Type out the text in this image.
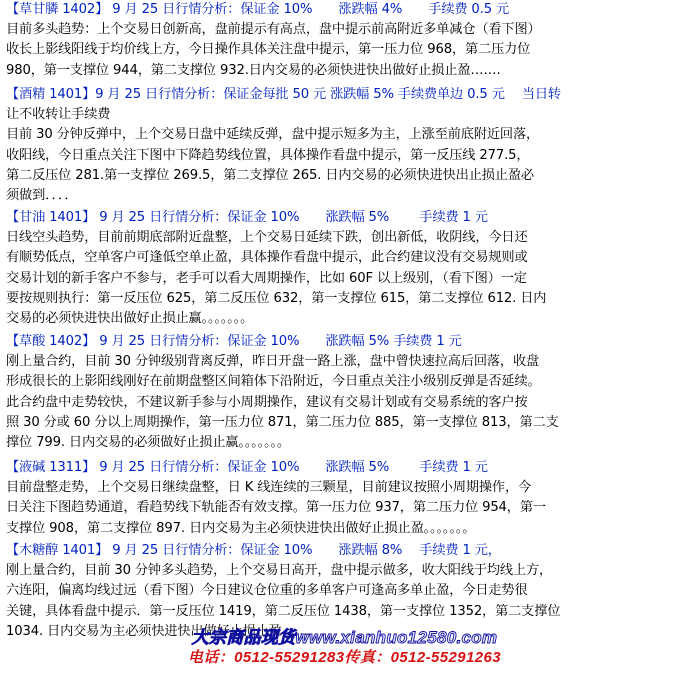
【草甘膦 1402】 9 月 25 日行情分析：保证金 10%　　涨跌幅 4%　　手续费 0.5 元
目前多头趋势：上个交易日创新高，盘前提示有高点，盘中提示前高附近多单减仓（看下图）
收长上影线阳线于均价线上方，今日操作具体关注盘中提示，第一压力位 968，第二压力位
980，第一支撑位 944，第二支撑位 932.日内交易的必须快进快出做好止损止盈…….
【酒精 1401】9 月 25 日行情分析：保证金每批 50 元 涨跌幅 5% 手续费单边 0.5 元　 当日转
让不收转让手续费
目前 30 分钟反弹中，上个交易日盘中延续反弹，盘中提示短多为主，上涨至前底附近回落，
收阳线，今日重点关注下图中下降趋势线位置，具体操作看盘中提示，第一反压线 277.5，
第二反压位 281.第一支撑位 269.5，第二支撑位 265. 日内交易的必须快进快出止损止盈必
须做到．．．．
【甘油 1401】 9 月 25 日行情分析：保证金 10%　　涨跌幅 5%　　 手续费 1 元
日线空头趋势，目前前期底部附近盘整，上个交易日延续下跌，创出新低，收阴线，今日还
有顺势低点，空单客户可逢低空单止盈，具体操作看盘中提示，此合约建议没有交易规则或
交易计划的新手客户不参与，老手可以看大周期操作，比如 60F 以上级别，（看下图）一定
要按规则执行：第一反压位 625，第二反压位 632，第一支撑位 615，第二支撑位 612. 日内
交易的必须快进快出做好止损止赢。。。。。。。
【草酸 1402】 9 月 25 日行情分析：保证金 10%　　涨跌幅 5% 手续费 1 元
刚上量合约，目前 30 分钟级别背离反弹，昨日开盘一路上涨，盘中曾快速拉高后回落，收盘
形成很长的上影阳线刚好在前期盘整区间箱体下沿附近，今日重点关注小级别反弹是否延续。
此合约盘中走势较快，不建议新手参与小周期操作，建议有交易计划或有交易系统的客户按
照 30 分或 60 分以上周期操作，第一压力位 871，第二压力位 885，第一支撑位 813，第二支
撑位 799. 日内交易的必须做好止损止赢。。。。。。。
【液碱 1311】 9 月 25 日行情分析：保证金 10%　　涨跌幅 5%　　 手续费 1 元
目前盘整走势，上个交易日继续盘整，日 K 线连续的三颗星，目前建议按照小周期操作，今
日关注下图趋势通道，看趋势线下轨能否有效支撑。第一压力位 937，第二压力位 954，第一
支撑位 908，第二支撑位 897. 日内交易为主必须快进快出做好止损止盈。。。。。。。
【木糖醇 1401】 9 月 25 日行情分析：保证金 10%　　涨跌幅 8%　 手续费 1 元，
刚上量合约，目前 30 分钟多头趋势，上个交易日高开，盘中提示做多，收大阳线于均线上方，
六连阳，偏离均线过远（看下图）今日建议仓位重的多单客户可逢高多单止盈，今日走势很
关键，具体看盘中提示．第一反压位 1419，第二反压位 1438，第一支撑位 1352，第二支撑位
1034. 日内交易为主必须快进快出做好止损止盈……
大宗商品现货www.xianhuo12580.com
电话：0512-55291283传真：0512-55291263
